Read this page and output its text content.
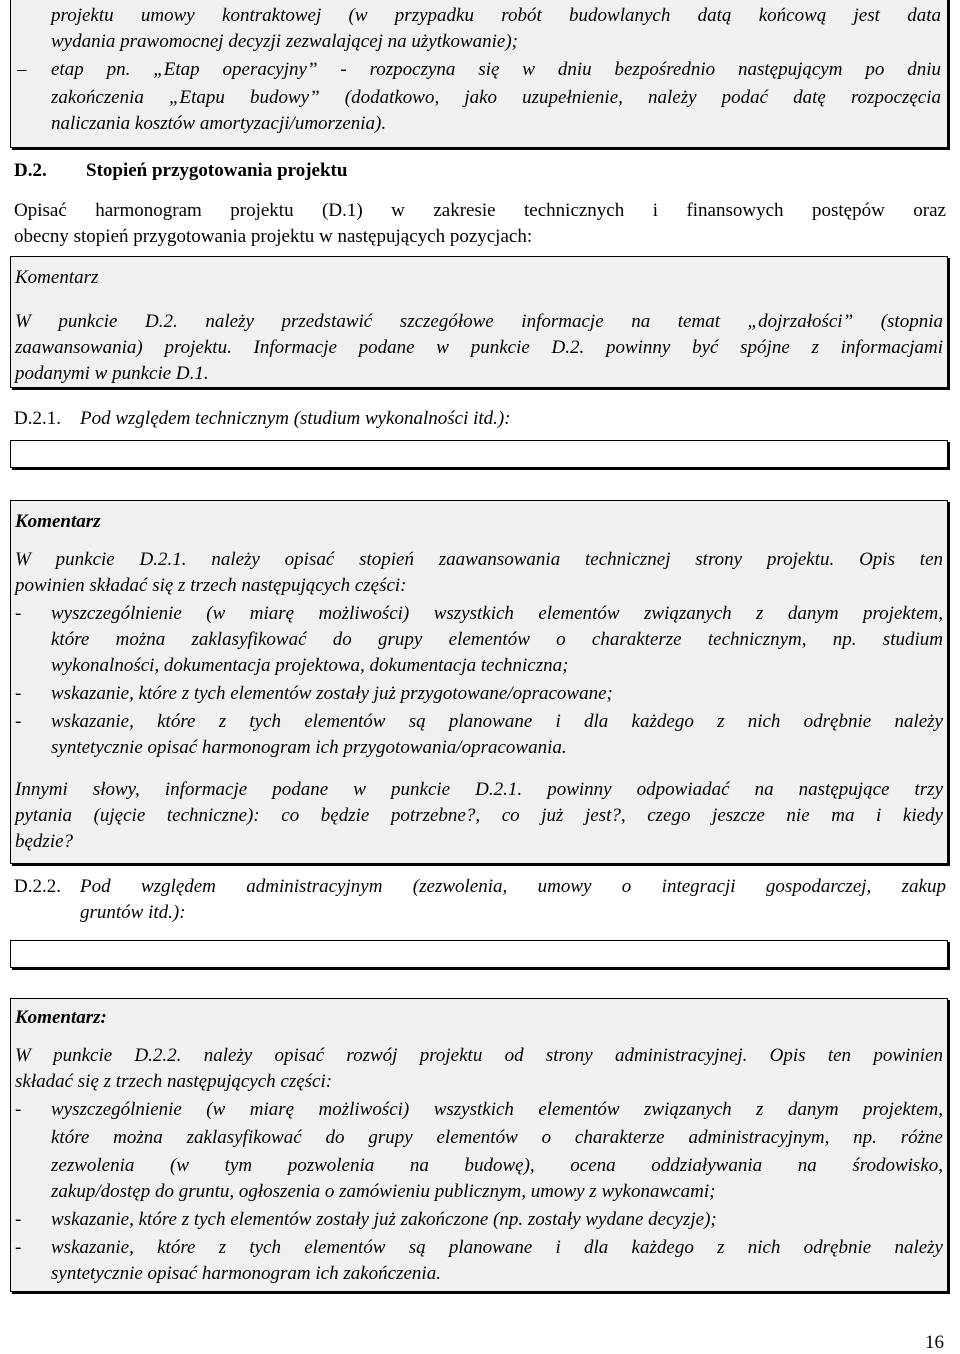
projektu umowy kontraktowej (w przypadku robót budowlanych datą końcową jest data
wydania prawomocnej decyzji zezwalającej na użytkowanie);
– etap pn. „Etap operacyjny” - rozpoczyna się w dniu bezpośrednio następującym po dniu
zakończenia „Etapu budowy” (dodatkowo, jako uzupełnienie, należy podać datę rozpoczęcia
naliczania kosztów amortyzacji/umorzenia).
D.2. Stopień przygotowania projektu
Opisać harmonogram projektu (D.1) w zakresie technicznych i finansowych postępów oraz
obecny stopień przygotowania projektu w następujących pozycjach:
Komentarz
W punkcie D.2. należy przedstawić szczegółowe informacje na temat „dojrzałości” (stopnia
zaawansowania) projektu. Informacje podane w punkcie D.2. powinny być spójne z informacjami
podanymi w punkcie D.1.
D.2.1. Pod względem technicznym (studium wykonalności itd.):
Komentarz
W punkcie D.2.1. należy opisać stopień zaawansowania technicznej strony projektu. Opis ten
powinien składać się z trzech następujących części:
- wyszczególnienie (w miarę możliwości) wszystkich elementów związanych z danym projektem,
które można zaklasyfikować do grupy elementów o charakterze technicznym, np. studium
wykonalności, dokumentacja projektowa, dokumentacja techniczna;
- wskazanie, które z tych elementów zostały już przygotowane/opracowane;
- wskazanie, które z tych elementów są planowane i dla każdego z nich odrębnie należy
syntetycznie opisać harmonogram ich przygotowania/opracowania.
Innymi słowy, informacje podane w punkcie D.2.1. powinny odpowiadać na następujące trzy
pytania (ujęcie techniczne): co będzie potrzebne?, co już jest?, czego jeszcze nie ma i kiedy
będzie?
D.2.2. Pod względem administracyjnym (zezwolenia, umowy o integracji gospodarczej, zakup
gruntów itd.):
Komentarz:
W punkcie D.2.2. należy opisać rozwój projektu od strony administracyjnej. Opis ten powinien
składać się z trzech następujących części:
- wyszczególnienie (w miarę możliwości) wszystkich elementów związanych z danym projektem,
które można zaklasyfikować do grupy elementów o charakterze administracyjnym, np. różne
zezwolenia (w tym pozwolenia na budowę), ocena oddziaływania na środowisko,
zakup/dostęp do gruntu, ogłoszenia o zamówieniu publicznym, umowy z wykonawcami;
- wskazanie, które z tych elementów zostały już zakończone (np. zostały wydane decyzje);
- wskazanie, które z tych elementów są planowane i dla każdego z nich odrębnie należy
syntetycznie opisać harmonogram ich zakończenia.
16
